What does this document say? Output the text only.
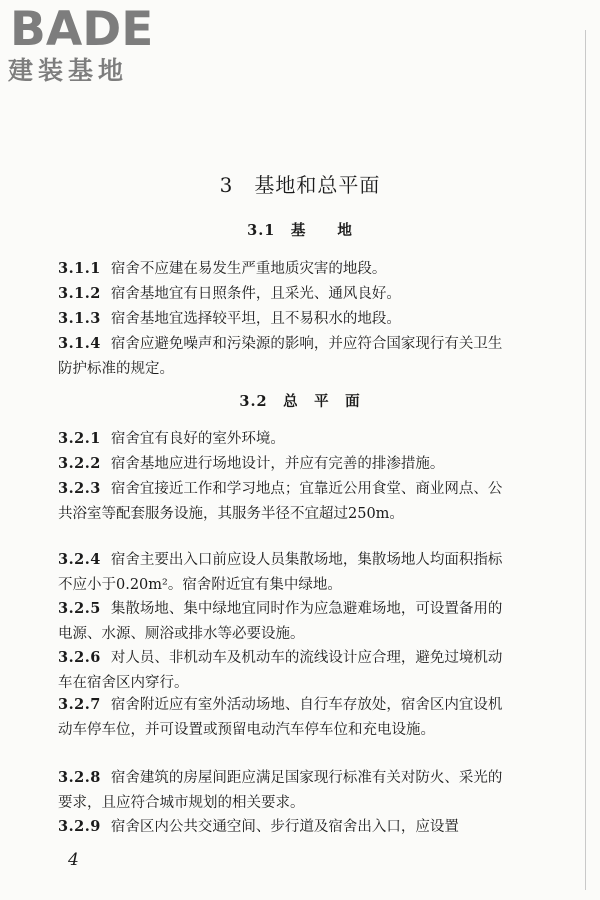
BADE
建装基地
3　基地和总平面
3.1　基　　地
3.1.1 宿舍不应建在易发生严重地质灾害的地段。
3.1.2 宿舍基地宜有日照条件，且采光、通风良好。
3.1.3 宿舍基地宜选择较平坦，且不易积水的地段。
3.1.4 宿舍应避免噪声和污染源的影响，并应符合国家现行有关卫生防护标准的规定。
3.2　总　平　面
3.2.1 宿舍宜有良好的室外环境。
3.2.2 宿舍基地应进行场地设计，并应有完善的排渗措施。
3.2.3 宿舍宜接近工作和学习地点；宜靠近公用食堂、商业网点、公共浴室等配套服务设施，其服务半径不宜超过250m。
3.2.4 宿舍主要出入口前应设人员集散场地，集散场地人均面积指标不应小于0.20m²。宿舍附近宜有集中绿地。
3.2.5 集散场地、集中绿地宜同时作为应急避难场地，可设置备用的电源、水源、厕浴或排水等必要设施。
3.2.6 对人员、非机动车及机动车的流线设计应合理，避免过境机动车在宿舍区内穿行。
3.2.7 宿舍附近应有室外活动场地、自行车存放处，宿舍区内宜设机动车停车位，并可设置或预留电动汽车停车位和充电设施。
3.2.8 宿舍建筑的房屋间距应满足国家现行标准有关对防火、采光的要求，且应符合城市规划的相关要求。
3.2.9 宿舍区内公共交通空间、步行道及宿舍出入口，应设置
4
